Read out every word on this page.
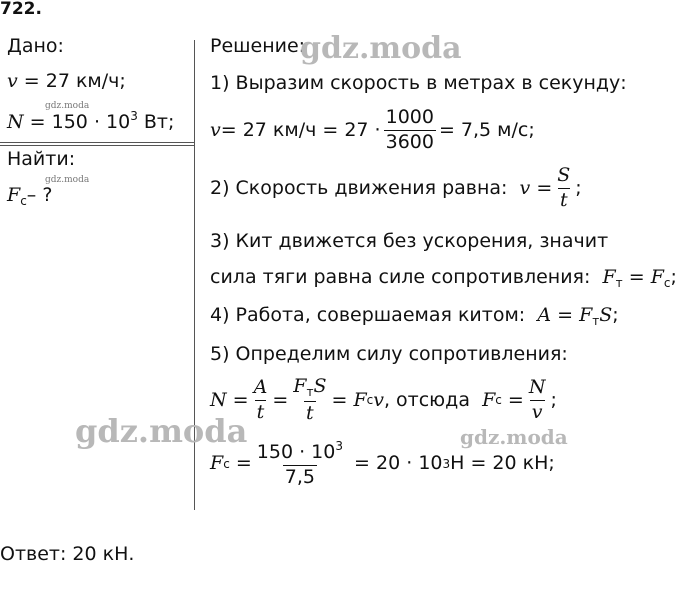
722.
Дано:
v = 27 км/ч;
$N = 150 \cdot 10^3$ Вт;
Найти:
$F_c-$ ?
Решение:
1) Выразим скорость в метрах в секунду:
v = 27 $км/ч = 27 \cdot \frac{1000}{3600} = 7,5$ м/с;
2) Скорость движения равна:
v
= $\frac{S}{t}$ ;
3) Кит движется без ускорения, значит
сила тяги равна силе сопротивления: $F_т = F_c$;
4) Работа, совершаемая китом: $A = F_тS$;
5) Определим силу сопротивления:
N
= $\frac{A}{t} = \frac{F_тS}{t}$ =
F c v , отсюда
F c
= $\frac{N}{v}$ ;
F c
= $\frac{150 \cdot 10^3}{7,5}$
= 20 ·
10 3 Н = 20 кН;
Ответ: 20 кН.
gdz.moda
gdz.moda	gdz.moda
gdz.moda
gdz.moda
